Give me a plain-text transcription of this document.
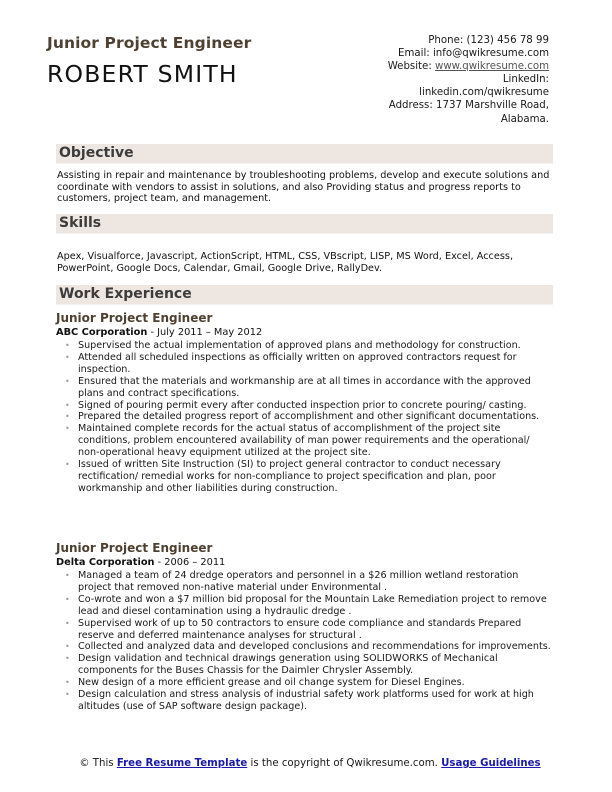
Junior Project Engineer
ROBERT SMITH
Phone: (123) 456 78 99
Email: info@qwikresume.com
Website: www.qwikresume.com
LinkedIn:
linkedin.com/qwikresume
Address: 1737 Marshville Road,
Alabama.
Objective
Assisting in repair and maintenance by troubleshooting problems, develop and execute solutions and coordinate with vendors to assist in solutions, and also Providing status and progress reports to customers, project team, and management.
Skills
Apex, Visualforce, Javascript, ActionScript, HTML, CSS, VBscript, LISP, MS Word, Excel, Access, PowerPoint, Google Docs, Calendar, Gmail, Google Drive, RallyDev.
Work Experience
Junior Project Engineer
ABC Corporation - July 2011 – May 2012
• Supervised the actual implementation of approved plans and methodology for construction.
• Attended all scheduled inspections as officially written on approved contractors request for inspection.
• Ensured that the materials and workmanship are at all times in accordance with the approved plans and contract specifications.
• Signed of pouring permit every after conducted inspection prior to concrete pouring/ casting.
• Prepared the detailed progress report of accomplishment and other significant documentations.
• Maintained complete records for the actual status of accomplishment of the project site conditions, problem encountered availability of man power requirements and the operational/ non-operational heavy equipment utilized at the project site.
• Issued of written Site Instruction (SI) to project general contractor to conduct necessary rectification/ remedial works for non-compliance to project specification and plan, poor workmanship and other liabilities during construction.
Junior Project Engineer
Delta Corporation - 2006 – 2011
• Managed a team of 24 dredge operators and personnel in a $26 million wetland restoration project that removed non-native material under Environmental .
• Co-wrote and won a $7 million bid proposal for the Mountain Lake Remediation project to remove lead and diesel contamination using a hydraulic dredge .
• Supervised work of up to 50 contractors to ensure code compliance and standards Prepared reserve and deferred maintenance analyses for structural .
• Collected and analyzed data and developed conclusions and recommendations for improvements.
• Design validation and technical drawings generation using SOLIDWORKS of Mechanical components for the Buses Chassis for the Daimler Chrysler Assembly.
• New design of a more efficient grease and oil change system for Diesel Engines.
• Design calculation and stress analysis of industrial safety work platforms used for work at high altitudes (use of SAP software design package).
© This Free Resume Template is the copyright of Qwikresume.com. Usage Guidelines
